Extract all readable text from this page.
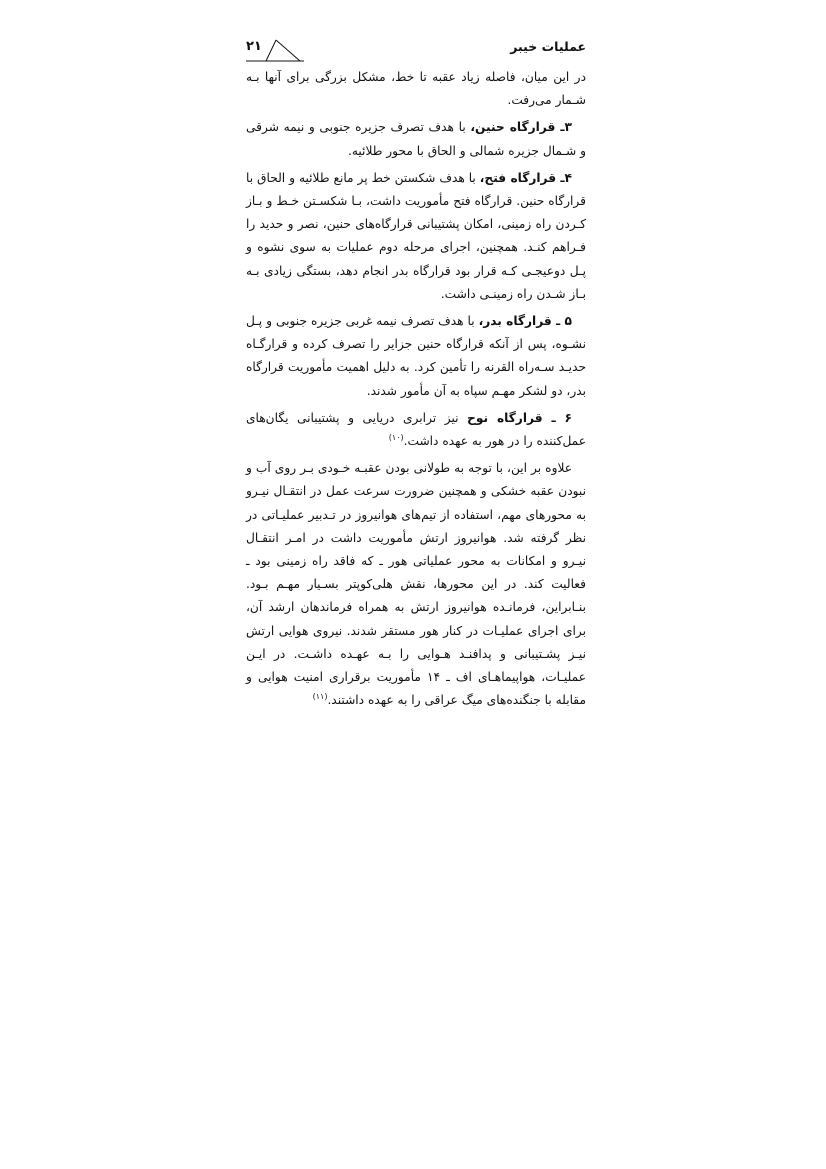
۲۱	عملیات خیبر

در این میان، فاصله زیاد عقبه تا خط، مشکل بزرگی برای آنها بـه شـمار می‌رفت.

۳ـ قرارگاه حنین، با هدف تصرف جزیره جنوبی و نیمه شرقی و شـمال جزیره شمالی و الحاق با محور طلائیه.

۴ـ قرارگاه فتح، با هدف شکستن خط پر مانع طلائیه و الحاق با قرارگاه حنین. قرارگاه فتح مأموریت داشت، بـا شکسـتن خـط و بـاز کـردن راه زمینی، امکان پشتیبانی قرارگاه‌های حنین، نصر و حدید را فـراهم کنـد. همچنین، اجرای مرحله دوم عملیات به سوی نشوه و پـل دوعیجـی کـه قرار بود قرارگاه بدر انجام دهد، بستگی زیادی بـه بـاز شـدن راه زمینـی داشت.

۵ ـ قرارگاه بدر، با هدف تصرف نیمه غربی جزیره جنوبی و پـل نشـوه، پس از آنکه قرارگاه حنین جزایر را تصرف کرده و قرارگـاه حدیـد سـه‌راه القرنه را تأمین کرد. به دلیل اهمیت مأموریت قرارگاه بدر، دو لشکر مهـم سپاه به آن مأمور شدند.

۶ ـ قرارگاه نوح نیز ترابری دریایی و پشتیبانی یگان‌های عمل‌کننده را در هور به عهده داشت.$^{(۱۰)}$

علاوه بر این، با توجه به طولانی بودن عقبـه خـودی بـر روی آب و نبودن عقبه خشکی و همچنین ضرورت سرعت عمل در انتقـال نیـرو به محورهای مهم، استفاده از تیم‌های هوانیروز در تـدبیر عملیـاتی در نظر گرفته شد. هوانیروز ارتش مأموریت داشت در امـر انتقـال نیـرو و امکانات به محور عملیاتی هور ـ که فاقد راه زمینی بود ـ فعالیت کند. در این محورها، نقش هلی‌کوپتر بسـیار مهـم بـود. بنـابراین، فرمانـده هوانیروز ارتش به همراه فرماندهان ارشد آن، برای اجرای عملیـات در کنار هور مستقر شدند. نیروی هوایی ارتش نیـز پشـتیبانی و پدافنـد هـوایی را بـه عهـده داشـت. در ایـن عملیـات، هواپیماهـای اف ـ ۱۴ مأموریت برقراری امنیت هوایی و مقابله با جنگنده‌های میگ عراقی را به عهده داشتند.$^{(۱۱)}$
